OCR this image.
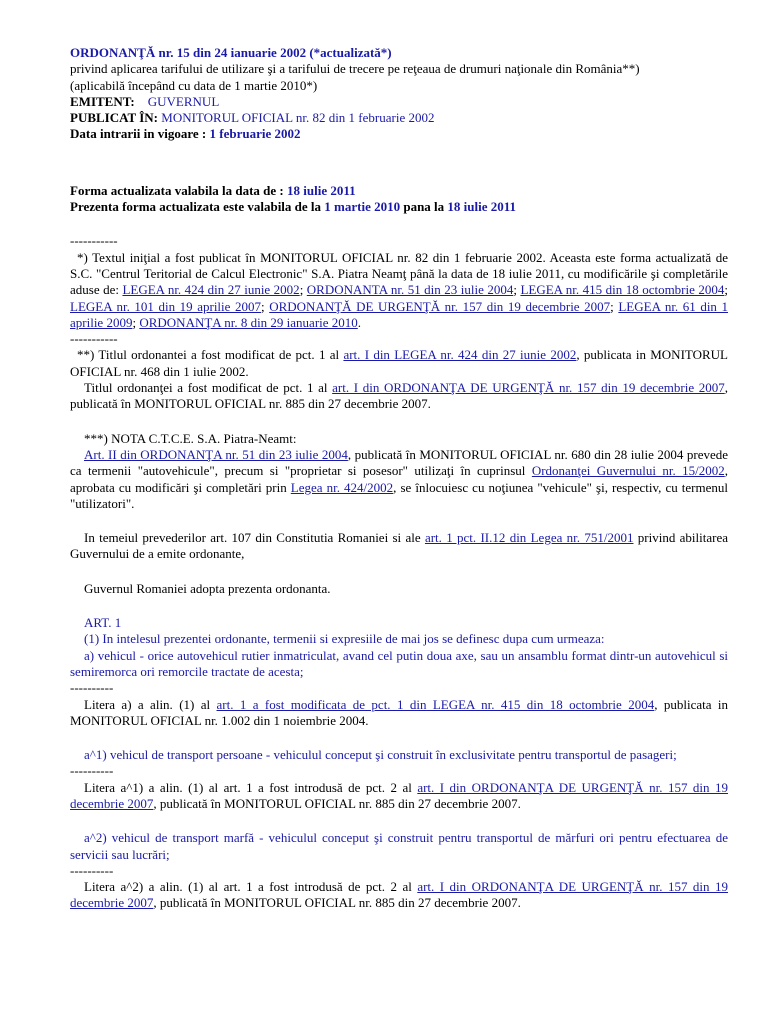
ORDONANŢĂ nr. 15 din 24 ianuarie 2002 (*actualizată*)

privind aplicarea tarifului de utilizare şi a tarifului de trecere pe reţeaua de drumuri naţionale din România**)

(aplicabilă începând cu data de 1 martie 2010*)

EMITENT: GUVERNUL

PUBLICAT ÎN: MONITORUL OFICIAL nr. 82 din 1 februarie 2002

Data intrarii in vigoare : 1 februarie 2002

Forma actualizata valabila la data de : 18 iulie 2011

Prezenta forma actualizata este valabila de la 1 martie 2010 pana la 18 iulie 2011

-----------

*) Textul iniţial a fost publicat în MONITORUL OFICIAL nr. 82 din 1 februarie 2002. Aceasta este forma actualizată de S.C. "Centrul Teritorial de Calcul Electronic" S.A. Piatra Neamţ până la data de 18 iulie 2011, cu modificările şi completările aduse de: LEGEA nr. 424 din 27 iunie 2002; ORDONANTA nr. 51 din 23 iulie 2004; LEGEA nr. 415 din 18 octombrie 2004; LEGEA nr. 101 din 19 aprilie 2007; ORDONANŢĂ DE URGENŢĂ nr. 157 din 19 decembrie 2007; LEGEA nr. 61 din 1 aprilie 2009; ORDONANŢA nr. 8 din 29 ianuarie 2010.

-----------

**) Titlul ordonantei a fost modificat de pct. 1 al art. I din LEGEA nr. 424 din 27 iunie 2002, publicata in MONITORUL OFICIAL nr. 468 din 1 iulie 2002.

Titlul ordonanţei a fost modificat de pct. 1 al art. I din ORDONANŢA DE URGENŢĂ nr. 157 din 19 decembrie 2007, publicată în MONITORUL OFICIAL nr. 885 din 27 decembrie 2007.

***) NOTA C.T.C.E. S.A. Piatra-Neamt:

Art. II din ORDONANŢA nr. 51 din 23 iulie 2004, publicată în MONITORUL OFICIAL nr. 680 din 28 iulie 2004 prevede ca termenii "autovehicule", precum si "proprietar si posesor" utilizaţi în cuprinsul Ordonanţei Guvernului nr. 15/2002, aprobata cu modificări şi completări prin Legea nr. 424/2002, se înlocuiesc cu noţiunea "vehicule" şi, respectiv, cu termenul "utilizatori".

In temeiul prevederilor art. 107 din Constitutia Romaniei si ale art. 1 pct. II.12 din Legea nr. 751/2001 privind abilitarea Guvernului de a emite ordonante,

Guvernul Romaniei adopta prezenta ordonanta.

ART. 1

(1) In intelesul prezentei ordonante, termenii si expresiile de mai jos se definesc dupa cum urmeaza:

a) vehicul - orice autovehicul rutier inmatriculat, avand cel putin doua axe, sau un ansamblu format dintr-un autovehicul si semiremorca ori remorcile tractate de acesta;

----------

Litera a) a alin. (1) al art. 1 a fost modificata de pct. 1 din LEGEA nr. 415 din 18 octombrie 2004, publicata in MONITORUL OFICIAL nr. 1.002 din 1 noiembrie 2004.

a^1) vehicul de transport persoane - vehiculul conceput şi construit în exclusivitate pentru transportul de pasageri;

----------

Litera a^1) a alin. (1) al art. 1 a fost introdusă de pct. 2 al art. I din ORDONANŢA DE URGENŢĂ nr. 157 din 19 decembrie 2007, publicată în MONITORUL OFICIAL nr. 885 din 27 decembrie 2007.

a^2) vehicul de transport marfă - vehiculul conceput şi construit pentru transportul de mărfuri ori pentru efectuarea de servicii sau lucrări;

----------

Litera a^2) a alin. (1) al art. 1 a fost introdusă de pct. 2 al art. I din ORDONANŢA DE URGENŢĂ nr. 157 din 19 decembrie 2007, publicată în MONITORUL OFICIAL nr. 885 din 27 decembrie 2007.
